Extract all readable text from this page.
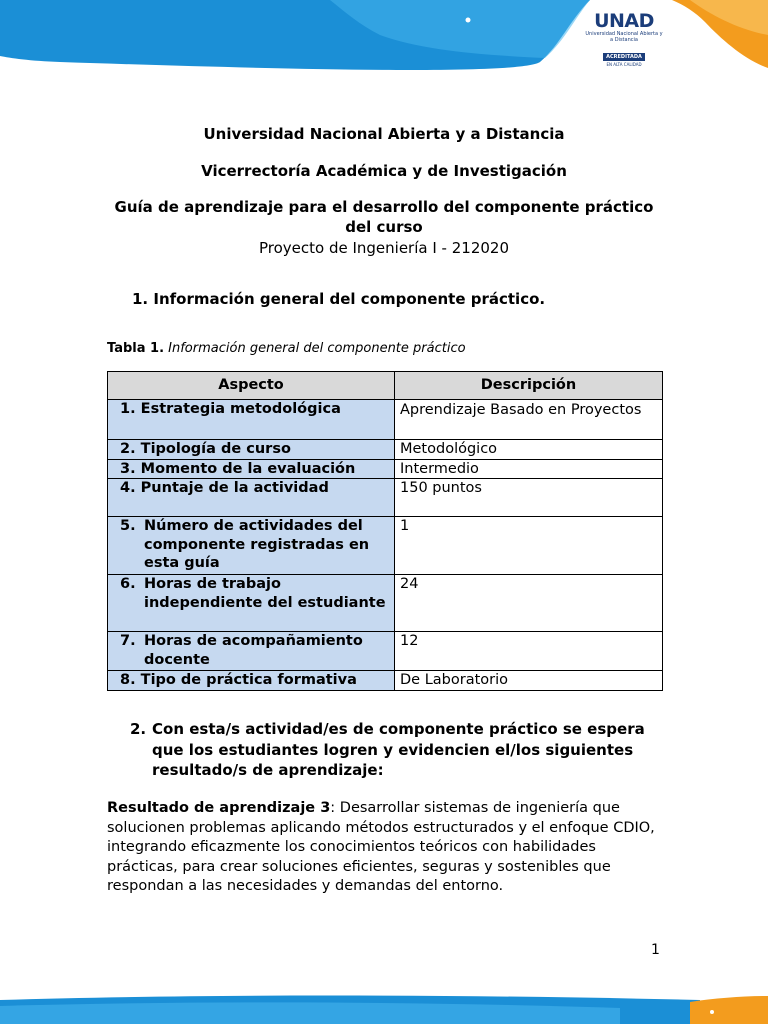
UNAD
Universidad Nacional Abierta y a Distancia
ACREDITADA
EN ALTA CALIDAD
Universidad Nacional Abierta y a Distancia
Vicerrectoría Académica y de Investigación
Guía de aprendizaje para el desarrollo del componente práctico
del curso
Proyecto de Ingeniería I - 212020
1. Información general del componente práctico.
Tabla 1. Información general del componente práctico
Aspecto	Descripción
1. Estrategia metodológica	Aprendizaje Basado en Proyectos
2. Tipología de curso	Metodológico
3. Momento de la evaluación	Intermedio
4. Puntaje de la actividad	150 puntos

5. Número de actividades del componente registradas en esta guía	1

6. Horas de trabajo independiente del estudiante	24

7. Horas de acompañamiento docente	12
8. Tipo de práctica formativa	De Laboratorio
2. Con esta/s actividad/es de componente práctico se espera
que los estudiantes logren y evidencien el/los siguientes
resultado/s de aprendizaje:
Resultado de aprendizaje 3: Desarrollar sistemas de ingeniería que solucionen problemas aplicando métodos estructurados y el enfoque CDIO, integrando eficazmente los conocimientos teóricos con habilidades prácticas, para crear soluciones eficientes, seguras y sostenibles que respondan a las necesidades y demandas del entorno.
1
